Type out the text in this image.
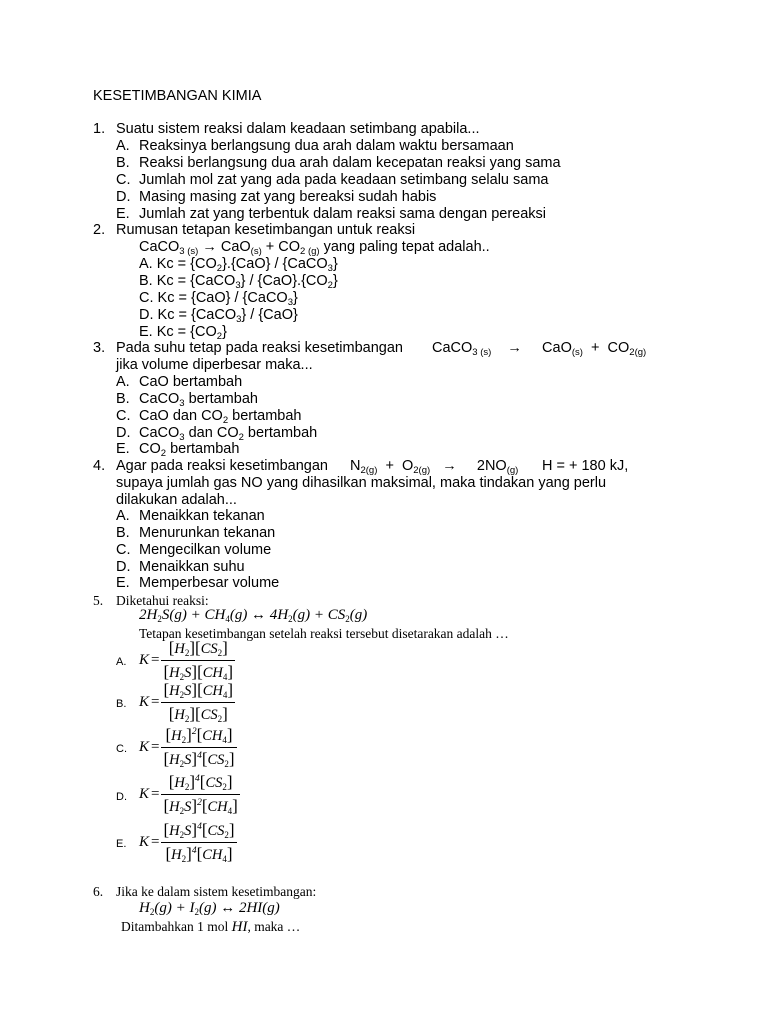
KESETIMBANGAN KIMIA
1. Suatu sistem reaksi dalam keadaan setimbang apabila...
A. Reaksinya berlangsung dua arah dalam waktu bersamaan
B. Reaksi berlangsung dua arah dalam kecepatan reaksi yang sama
C. Jumlah mol zat yang ada pada keadaan setimbang selalu sama
D. Masing masing zat yang bereaksi sudah habis
E. Jumlah zat yang terbentuk dalam reaksi sama dengan pereaksi
2. Rumusan tetapan kesetimbangan untuk reaksi
CaCO$_{3 (s)}$ → $CaO_{(s)} + CO_{2 (g)}$ yang paling tepat adalah..
A. $Kc = \{CO_2\}.\{CaO\}$ / {CaCO$_3$}
B. Kc = {CaCO$_3$} / $\{CaO\}.\{CO_2\}$
C. Kc = {CaO} / {CaCO$_3$}
D. Kc = {CaCO$_3$} / {CaO}
E. $Kc = \{CO_2\}$
3. Pada suhu tetap pada reaksi kesetimbangan CaCO$_{3 (s)}$    →     $CaO_{(s)} + CO_{2(g)}$
jika volume diperbesar maka...
A. CaO bertambah
B. CaCO$_3$ bertambah
C. CaO dan $CO_2$ bertambah
D. CaCO$_3$ dan $CO_2$ bertambah
E. $CO_2$ bertambah
4. Agar pada reaksi kesetimbangan $N_{2(g)} + O_{2(g)}$   →     $2NO_{(g)}$ H = + 180 kJ,
supaya jumlah gas NO yang dihasilkan maksimal, maka tindakan yang perlu
dilakukan adalah...
A. Menaikkan tekanan
B. Menurunkan tekanan
C. Mengecilkan volume
D. Menaikkan suhu
E. Memperbesar volume
5. Diketahui reaksi:
$2H_2S(g) + CH_4(g)$ ↔ $4H_2(g) + CS_2(g)$
Tetapan kesetimbangan setelah reaksi tersebut disetarakan adalah …
A. K =
$[H_2][CS_2]$
$[H_2S][CH_4]$
B. K =
$[H_2S][CH_4]$
$[H_2][CS_2]$
C. K =
$[H_2]^2[CH_4]$
$[H_2S]^4[CS_2]$
D. K =
$[H_2]^4[CS_2]$
$[H_2S]^2[CH_4]$
E. K =
$[H_2S]^4[CS_2]$
$[H_2]^4[CH_4]$
6. Jika ke dalam sistem kesetimbangan:
$H_2(g) + I_2(g)$ ↔ 2HI(g)
Ditambahkan 1 mol HI, maka …
